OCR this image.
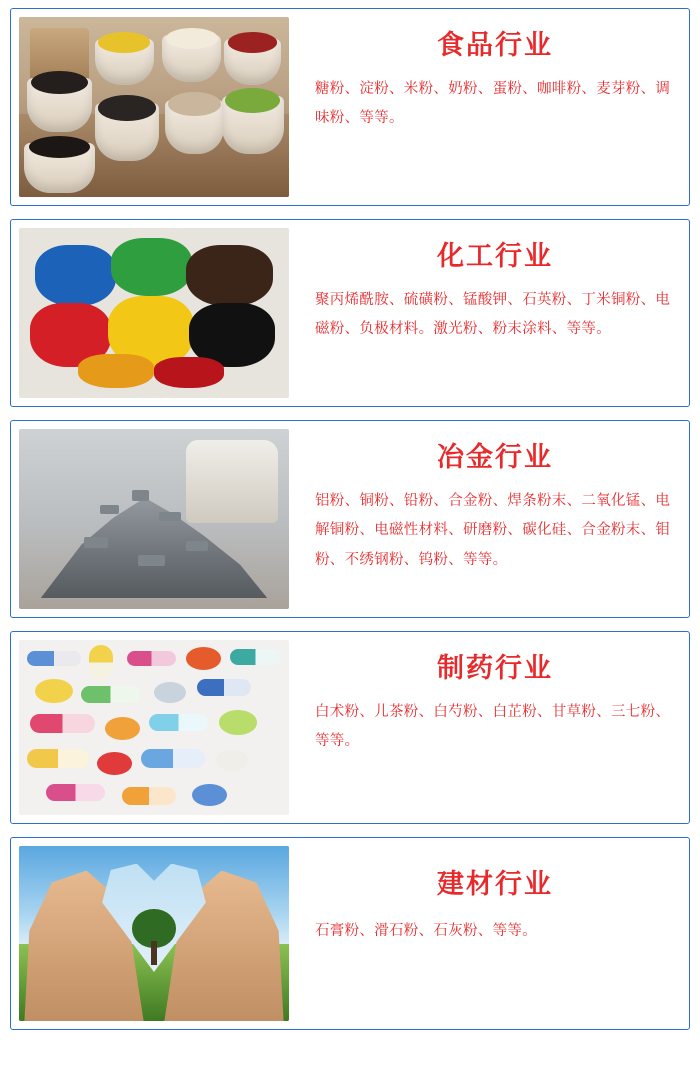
食品行业
糖粉、淀粉、米粉、奶粉、蛋粉、咖啡粉、麦芽粉、调味粉、等等。
化工行业
聚丙烯酰胺、硫磺粉、锰酸钾、石英粉、丁米铜粉、电磁粉、负极材料。激光粉、粉末涂料、等等。
冶金行业
铝粉、铜粉、铅粉、合金粉、焊条粉末、二氧化锰、电解铜粉、电磁性材料、研磨粉、碳化硅、合金粉末、钼粉、不绣钢粉、钨粉、等等。
制药行业
白术粉、儿茶粉、白芍粉、白芷粉、甘草粉、三七粉、等等。
建材行业
石膏粉、滑石粉、石灰粉、等等。
